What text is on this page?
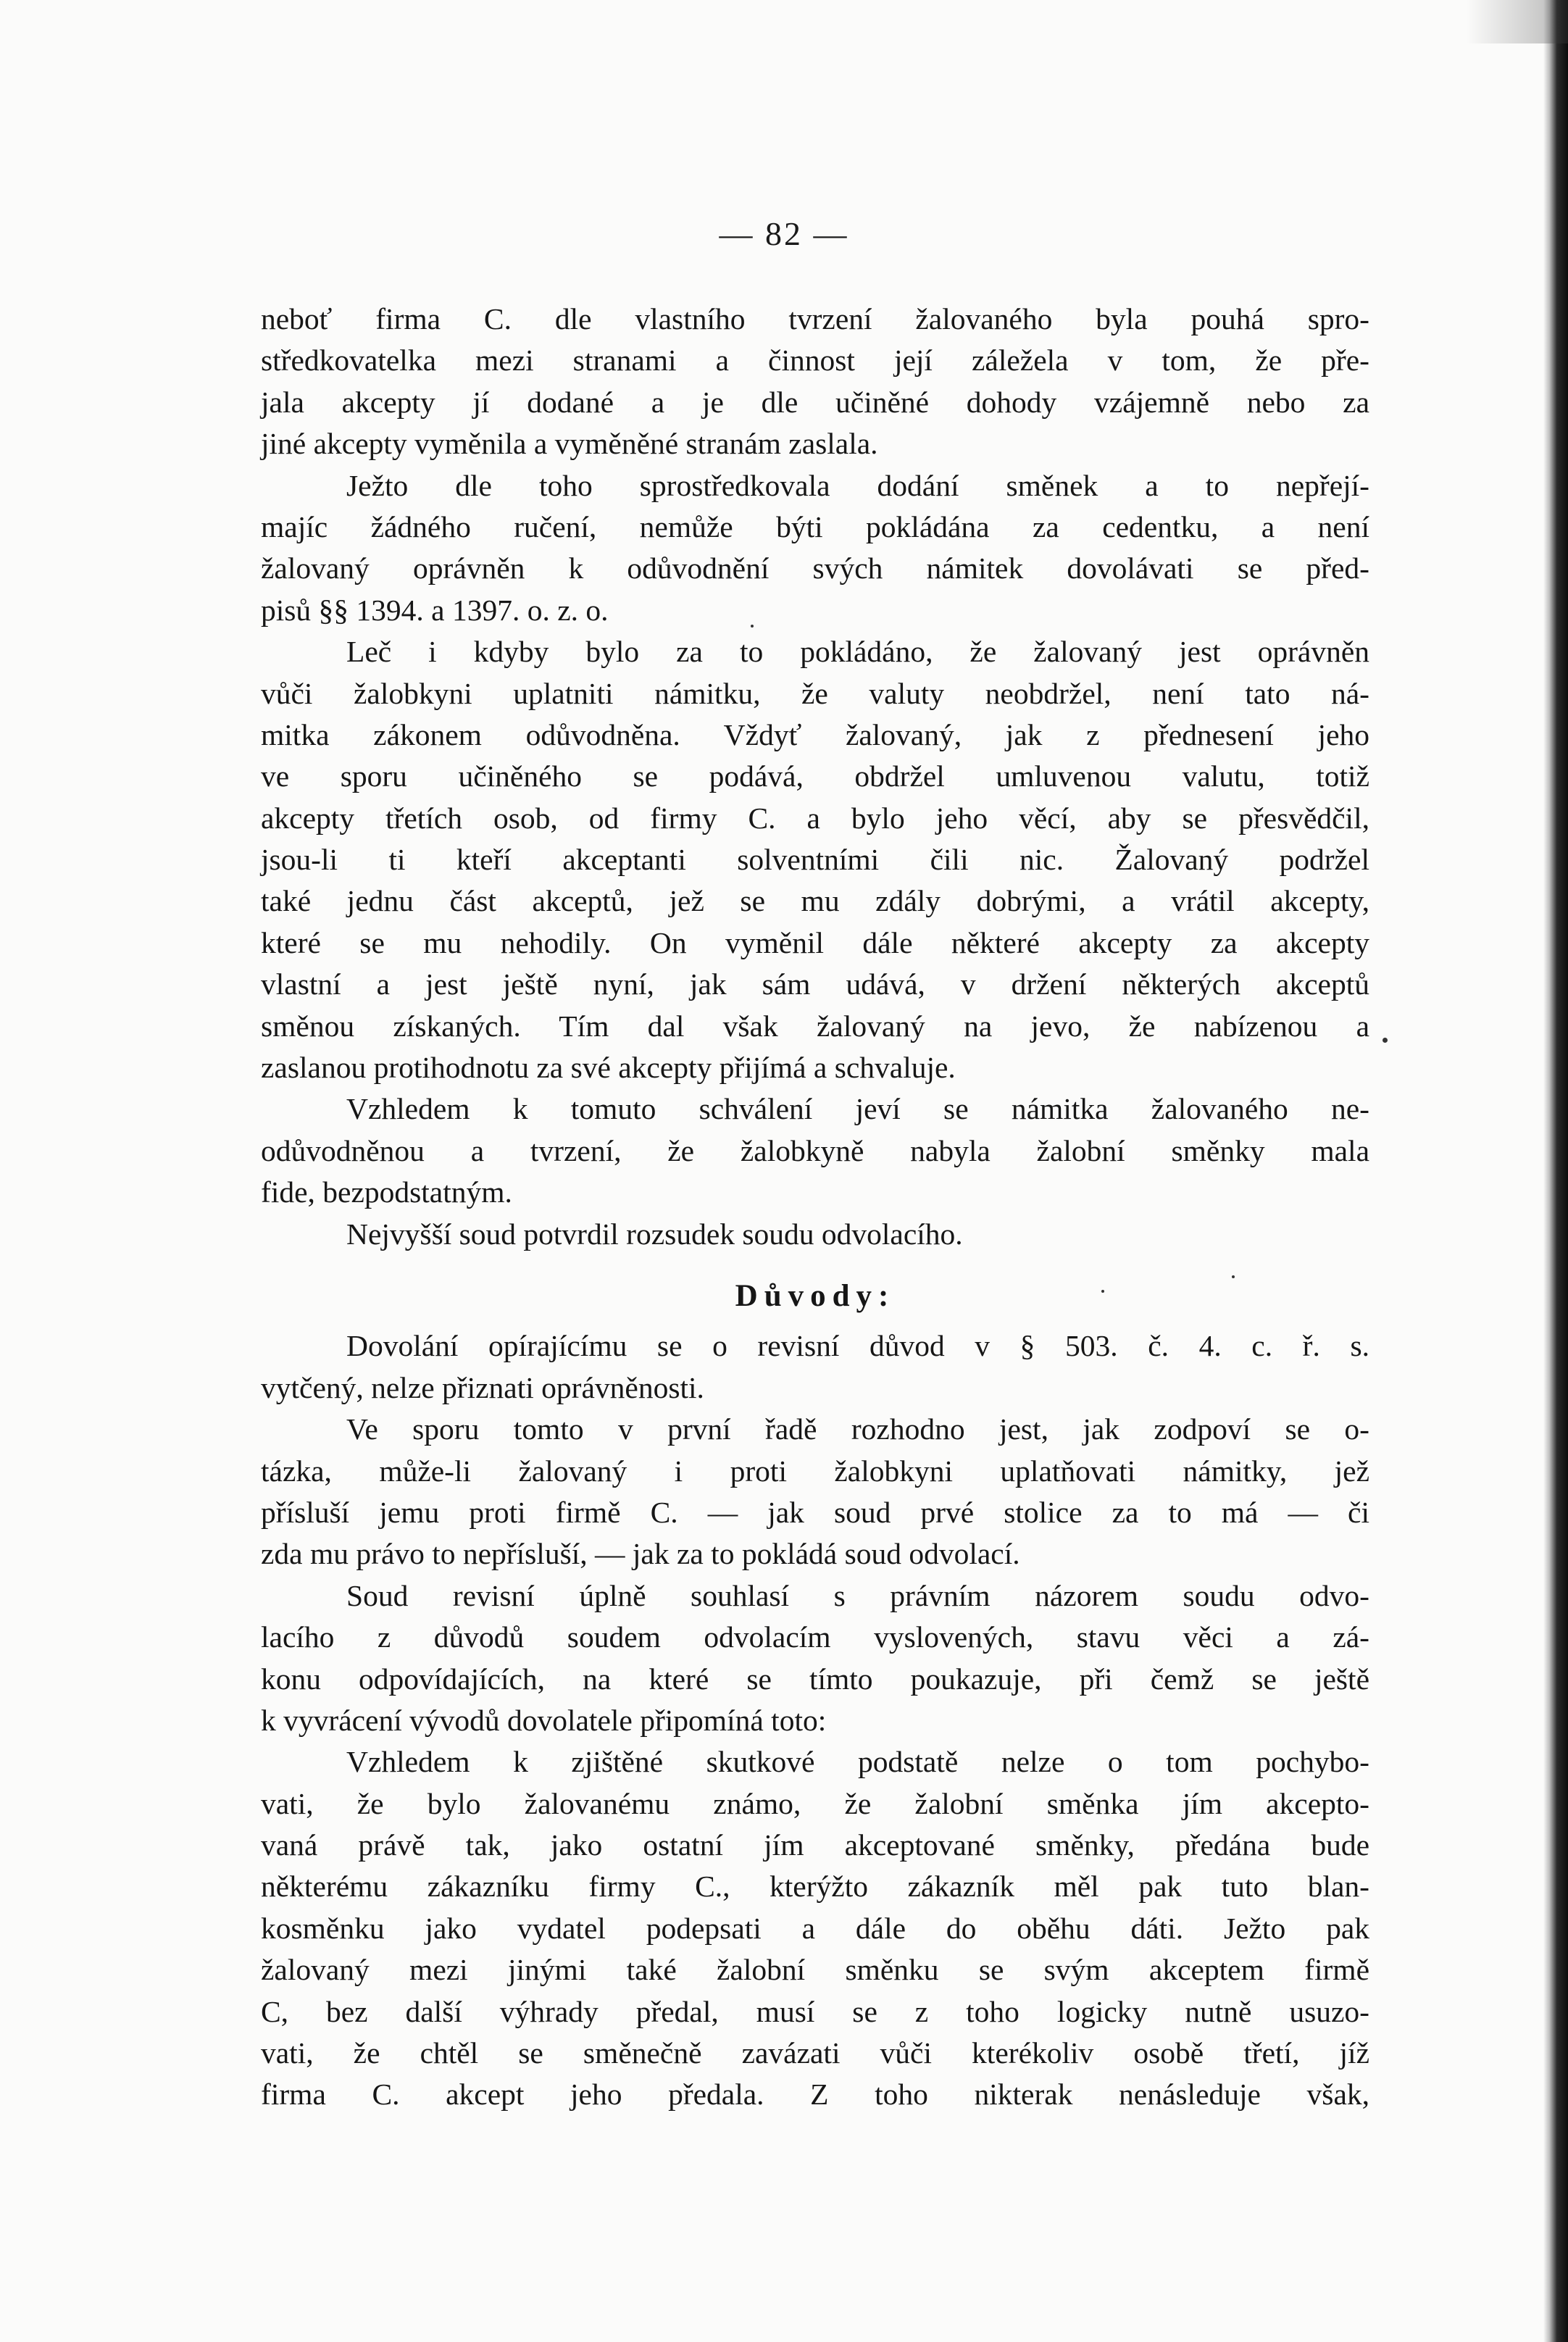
— 82 —
neboť firma C. dle vlastního tvrzení žalovaného byla pouhá spro-
středkovatelka mezi stranami a činnost její záležela v tom, že pře-
jala akcepty jí dodané a je dle učiněné dohody vzájemně nebo za
jiné akcepty vyměnila a vyměněné stranám zaslala.
Ježto dle toho sprostředkovala dodání směnek a to nepřejí-
majíc žádného ručení, nemůže býti pokládána za cedentku, a není
žalovaný oprávněn k odůvodnění svých námitek dovolávati se před-
pisů §§ 1394. a 1397. o. z. o.
Leč i kdyby bylo za to pokládáno, že žalovaný jest oprávněn
vůči žalobkyni uplatniti námitku, že valuty neobdržel, není tato ná-
mitka zákonem odůvodněna. Vždyť žalovaný, jak z přednesení jeho
ve sporu učiněného se podává, obdržel umluvenou valutu, totiž
akcepty třetích osob, od firmy C. a bylo jeho věcí, aby se přesvědčil,
jsou-li ti kteří akceptanti solventními čili nic. Žalovaný podržel
také jednu část akceptů, jež se mu zdály dobrými, a vrátil akcepty,
které se mu nehodily. On vyměnil dále některé akcepty za akcepty
vlastní a jest ještě nyní, jak sám udává, v držení některých akceptů
směnou získaných. Tím dal však žalovaný na jevo, že nabízenou a
zaslanou protihodnotu za své akcepty přijímá a schvaluje.
Vzhledem k tomuto schválení jeví se námitka žalovaného ne-
odůvodněnou a tvrzení, že žalobkyně nabyla žalobní směnky mala
fide, bezpodstatným.
Nejvyšší soud potvrdil rozsudek soudu odvolacího.
Důvody:
Dovolání opírajícímu se o revisní důvod v § 503. č. 4. c. ř. s.
vytčený, nelze přiznati oprávněnosti.
Ve sporu tomto v první řadě rozhodno jest, jak zodpoví se o-
tázka, může-li žalovaný i proti žalobkyni uplatňovati námitky, jež
přísluší jemu proti firmě C. — jak soud prvé stolice za to má — či
zda mu právo to nepřísluší, — jak za to pokládá soud odvolací.
Soud revisní úplně souhlasí s právním názorem soudu odvo-
lacího z důvodů soudem odvolacím vyslovených, stavu věci a zá-
konu odpovídajících, na které se tímto poukazuje, při čemž se ještě
k vyvrácení vývodů dovolatele připomíná toto:
Vzhledem k zjištěné skutkové podstatě nelze o tom pochybo-
vati, že bylo žalovanému známo, že žalobní směnka jím akcepto-
vaná právě tak, jako ostatní jím akceptované směnky, předána bude
některému zákazníku firmy C., kterýžto zákazník měl pak tuto blan-
kosměnku jako vydatel podepsati a dále do oběhu dáti. Ježto pak
žalovaný mezi jinými také žalobní směnku se svým akceptem firmě
C, bez další výhrady předal, musí se z toho logicky nutně usuzo-
vati, že chtěl se směnečně zavázati vůči kterékoliv osobě třetí, jíž
firma C. akcept jeho předala. Z toho nikterak nenásleduje však,
